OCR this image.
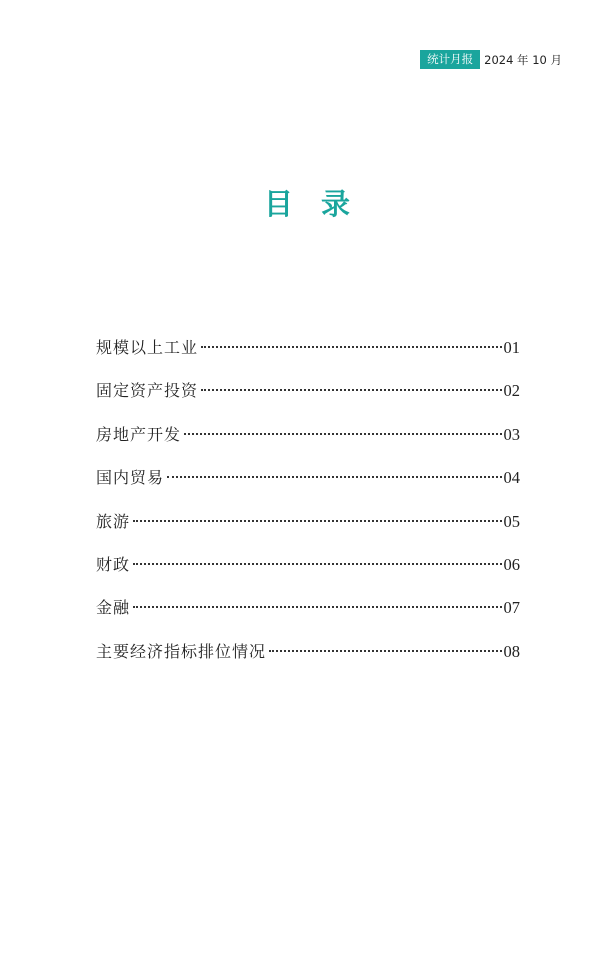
统计月报 2024 年 10 月
目录
规模以上工业	01
固定资产投资	02
房地产开发	03
国内贸易	04
旅游	05
财政	06
金融	07
主要经济指标排位情况	08
